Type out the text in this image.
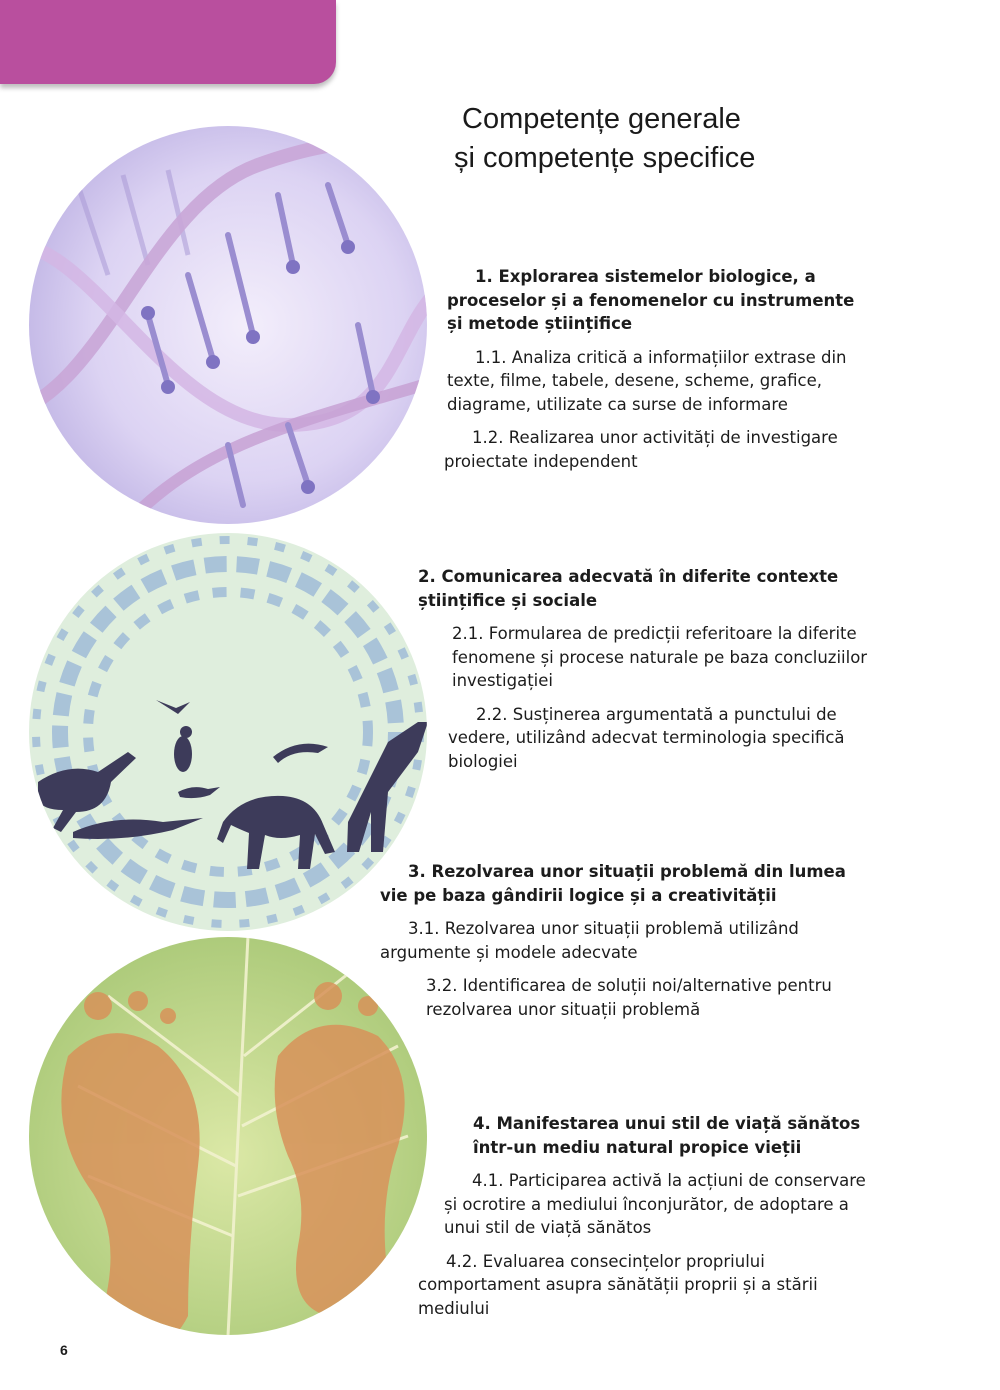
Competențe generale
și competențe specifice
1. Explorarea sistemelor biologice, a proceselor și a fenomenelor cu instrumente și metode științifice
1.1. Analiza critică a informațiilor extrase din texte, filme, tabele, desene, scheme, grafice, diagrame, utilizate ca surse de informare
1.2. Realizarea unor activități de investigare proiectate independent
2. Comunicarea adecvată în diferite contexte științifice și sociale
2.1. Formularea de predicții referitoare la diferite fenomene și procese naturale pe baza concluziilor investigației
2.2. Susținerea argumentată a punctului de vedere, utilizând adecvat terminologia specifică biologiei
3. Rezolvarea unor situații problemă din lumea vie pe baza gândirii logice și a creativității
3.1. Rezolvarea unor situații problemă utilizând argumente și modele adecvate
3.2. Identificarea de soluții noi/alternative pentru rezolvarea unor situații problemă
4. Manifestarea unui stil de viață sănătos într-un mediu natural propice vieții
4.1. Participarea activă la acțiuni de conservare și ocrotire a mediului înconjurător, de adoptare a unui stil de viață sănătos
4.2. Evaluarea consecințelor propriului comportament asupra sănătății proprii și a stării mediului
6
